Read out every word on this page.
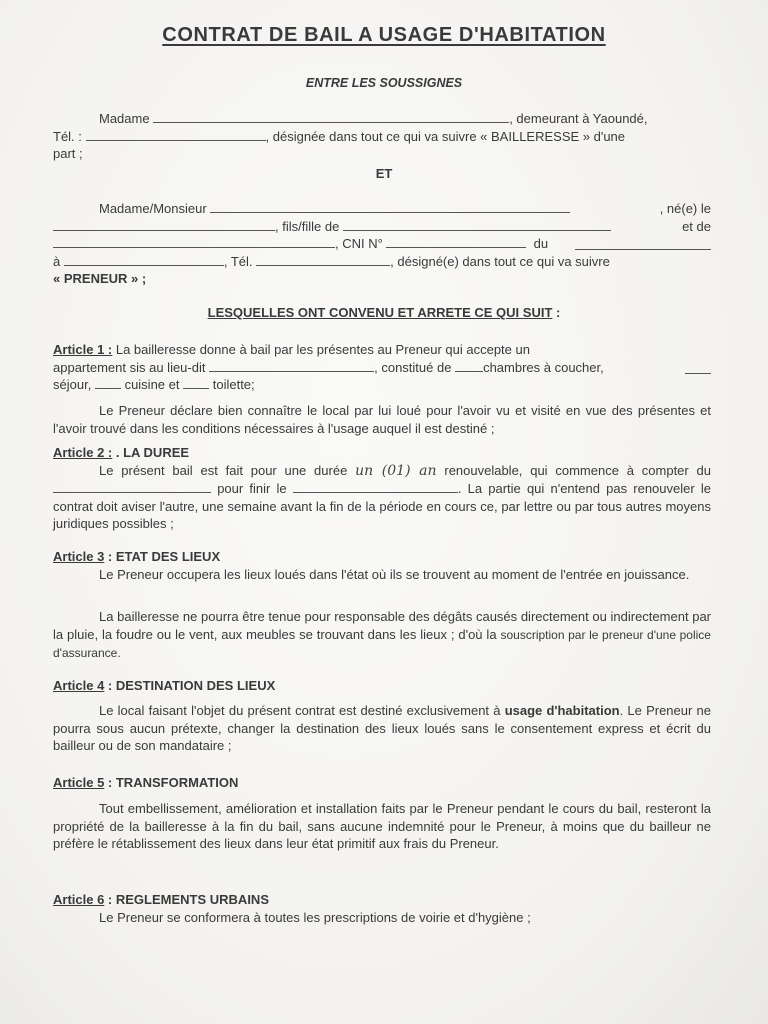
CONTRAT DE BAIL A USAGE D'HABITATION
ENTRE LES SOUSSIGNES
Madame	, demeurant à Yaoundé,
Tél. :	, désignée dans tout ce qui va suivre « BAILLERESSE » d'une
part ;
ET
Madame/Monsieur	, né(e) le

, fils/fille de	et de

, CNI N°	du

à	, Tél.	, désigné(e) dans tout ce qui va suivre
« PRENEUR » ;
LESQUELLES ONT CONVENU ET ARRETE CE QUI SUIT :
Article 1 : La bailleresse donne à bail par les présentes au Preneur qui accepte un
appartement sis au lieu-dit	, constitué de chambres à coucher,

séjour,	cuisine et	toilette;
Le Preneur déclare bien connaître le local par lui loué pour l'avoir vu et visité en vue des présentes et l'avoir trouvé dans les conditions nécessaires à l'usage auquel il est destiné ;
Article 2 : . LA DUREE
Le présent bail est fait pour une durée un (01) an renouvelable, qui commence à compter du  pour finir le	. La partie qui n'entend pas renouveler le contrat doit aviser l'autre, une semaine avant la fin de la période en cours ce, par lettre ou par tous autres moyens juridiques possibles ;
Article 3 : ETAT DES LIEUX
Le Preneur occupera les lieux loués dans l'état où ils se trouvent au moment de l'entrée en jouissance.
La bailleresse ne pourra être tenue pour responsable des dégâts causés directement ou indirectement par la pluie, la foudre ou le vent, aux meubles se trouvant dans les lieux ; d'où la souscription par le preneur d'une police d'assurance.
Article 4 : DESTINATION DES LIEUX
Le local faisant l'objet du présent contrat est destiné exclusivement à usage d'habitation. Le Preneur ne pourra sous aucun prétexte, changer la destination des lieux loués sans le consentement express et écrit du bailleur ou de son mandataire ;
Article 5 : TRANSFORMATION
Tout embellissement, amélioration et installation faits par le Preneur pendant le cours du bail, resteront la propriété de la bailleresse à la fin du bail, sans aucune indemnité pour le Preneur, à moins que du bailleur ne préfère le rétablissement des lieux dans leur état primitif aux frais du Preneur.
Article 6 : REGLEMENTS URBAINS
Le Preneur se conformera à toutes les prescriptions de voirie et d'hygiène ;
